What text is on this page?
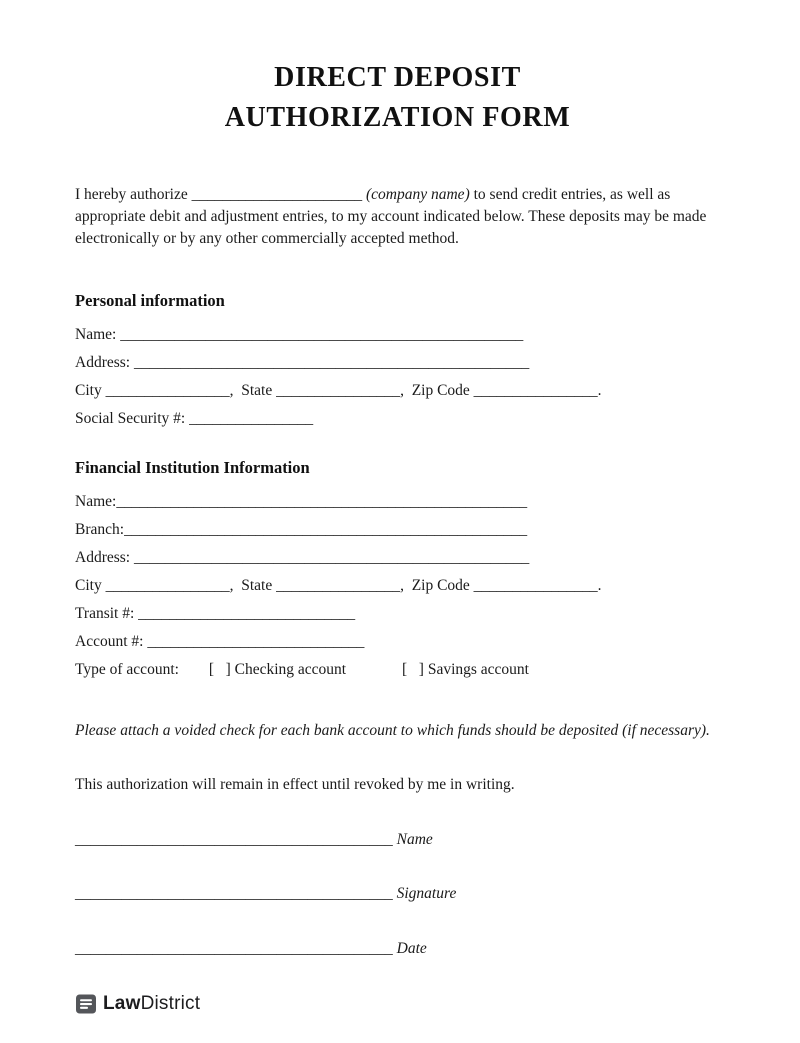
DIRECT DEPOSIT
AUTHORIZATION FORM

I hereby authorize ______________________ (company name) to send credit entries, as well as appropriate debit and adjustment entries, to my account indicated below. These deposits may be made electronically or by any other commercially accepted method.

Personal information
Name: ____________________________________________________
Address: ___________________________________________________
City ________________,  State ________________,  Zip Code ________________.
Social Security #: ________________
Financial Institution Information
Name:_____________________________________________________
Branch:____________________________________________________
Address: ___________________________________________________
City ________________,  State ________________,  Zip Code ________________.
Transit #: ____________________________
Account #: ____________________________
Type of account: [   ] Checking account	[   ] Savings account

Please attach a voided check for each bank account to which funds should be deposited (if necessary).

This authorization will remain in effect until revoked by me in writing.

_________________________________________ Name
_________________________________________ Signature
_________________________________________ Date
LawDistrict
